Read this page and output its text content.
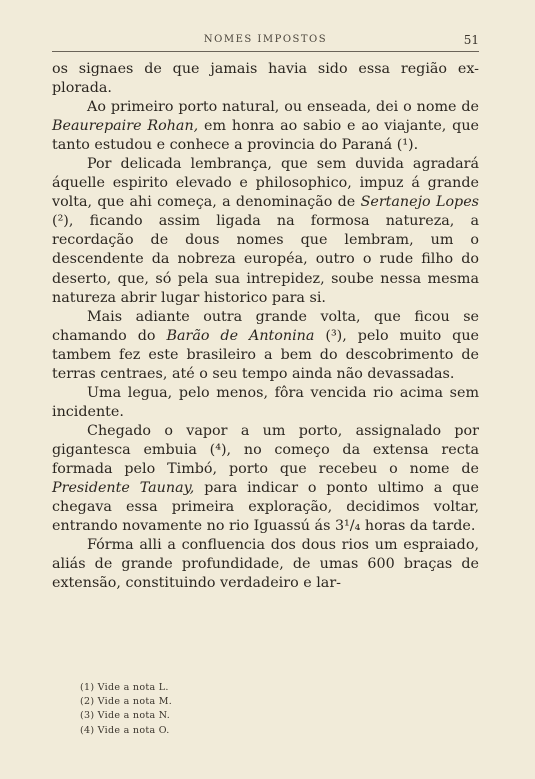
NOMES IMPOSTOS	51

os signaes de que jamais havia sido essa região ex-plorada.

Ao primeiro porto natural, ou enseada, dei o nome de Beaurepaire Rohan, em honra ao sabio e ao viajante, que tanto estudou e conhece a provincia do Paraná (¹).

Por delicada lembrança, que sem duvida agradará áquelle espirito elevado e philosophico, impuz á grande volta, que ahi começa, a denominação de Sertanejo Lopes (²), ficando assim ligada na formosa natureza, a recordação de dous nomes que lembram, um o descendente da nobreza européa, outro o rude filho do deserto, que, só pela sua intrepidez, soube nessa mesma natureza abrir lugar historico para si.

Mais adiante outra grande volta, que ficou se chamando do Barão de Antonina (³), pelo muito que tambem fez este brasileiro a bem do descobrimento de terras centraes, até o seu tempo ainda não devassadas.

Uma legua, pelo menos, fôra vencida rio acima sem incidente.

Chegado o vapor a um porto, assignalado por gigantesca embuia (⁴), no começo da extensa recta formada pelo Timbó, porto que recebeu o nome de Presidente Taunay, para indicar o ponto ultimo a que chegava essa primeira exploração, decidimos voltar, entrando novamente no rio Iguassú ás 3¹/₄ horas da tarde.

Fórma alli a confluencia dos dous rios um espraiado, aliás de grande profundidade, de umas 600 braças de extensão, constituindo verdadeiro e lar-

(1) Vide a nota L.
(2) Vide a nota M.
(3) Vide a nota N.
(4) Vide a nota O.
